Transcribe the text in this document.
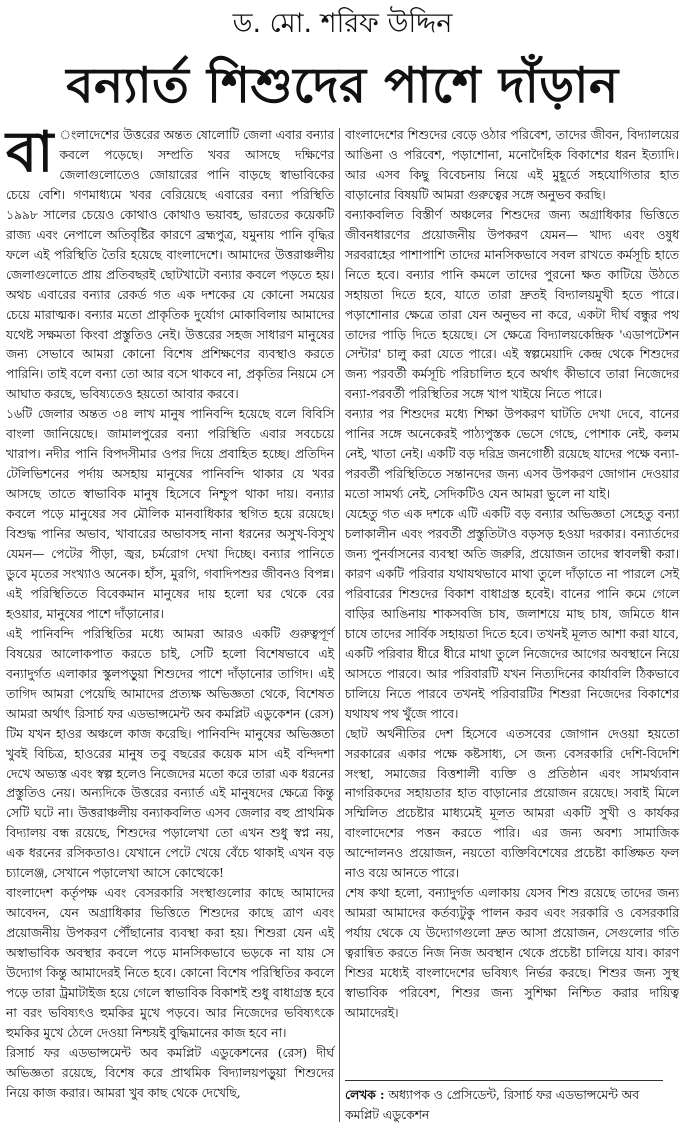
ড. মো. শরিফ উদ্দিন
বন্যার্ত শিশুদের পাশে দাঁড়ান

বা ংলাদেশের উত্তরের অন্তত ষোলোটি জেলা এবার বন্যার কবলে পড়েছে। সম্প্রতি খবর আসছে দক্ষিণের জেলাগুলোতেও জোয়ারের পানি বাড়ছে স্বাভাবিকের চেয়ে বেশি। গণমাধ্যমে খবর বেরিয়েছে এবারের বন্যা পরিস্থিতি ১৯৯৮ সালের চেয়েও কোথাও কোথাও ভয়াবহ, ভারতের কয়েকটি রাজ্য এবং নেপালে অতিবৃষ্টির কারণে ব্রহ্মপুত্র, যমুনায় পানি বৃদ্ধির ফলে এই পরিস্থিতি তৈরি হয়েছে বাংলাদেশে। আমাদের উত্তরাঞ্চলীয় জেলাগুলোতে প্রায় প্রতিবছরই ছোটখাটো বন্যার কবলে পড়তে হয়। অথচ এবারের বন্যার রেকর্ড গত এক দশকের যে কোনো সময়ের চেয়ে মারাত্মক। বন্যার মতো প্রাকৃতিক দুর্যোগ মোকাবিলায় আমাদের যথেষ্ট সক্ষমতা কিংবা প্রস্তুতিও নেই। উত্তরের সহজ সাধারণ মানুষের জন্য সেভাবে আমরা কোনো বিশেষ প্রশিক্ষণের ব্যবস্থাও করতে পারিনি। তাই বলে বন্যা তো আর বসে থাকবে না, প্রকৃতির নিয়মে সে আঘাত করছে, ভবিষ্যতেও হয়তো আবার করবে।

১৬টি জেলার অন্তত ৩৪ লাখ মানুষ পানিবন্দি হয়েছে বলে বিবিসি বাংলা জানিয়েছে। জামালপুরের বন্যা পরিস্থিতি এবার সবচেয়ে খারাপ। নদীর পানি বিপদসীমার ওপর দিয়ে প্রবাহিত হচ্ছে। প্রতিদিন টেলিভিশনের পর্দায় অসহায় মানুষের পানিবন্দি থাকার যে খবর আসছে তাতে স্বাভাবিক মানুষ হিসেবে নিশ্চুপ থাকা দায়। বন্যার কবলে পড়ে মানুষের সব মৌলিক মানবাধিকার স্থগিত হয়ে রয়েছে। বিশুদ্ধ পানির অভাব, খাবারের অভাবসহ নানা ধরনের অসুখ-বিসুখ যেমন— পেটের পীড়া, জ্বর, চর্মরোগ দেখা দিচ্ছে। বন্যার পানিতে ডুবে মৃতের সংখ্যাও অনেক। হাঁস, মুরগি, গবাদিপশুর জীবনও বিপন্ন। এই পরিস্থিতিতে বিবেকমান মানুষের দায় হলো ঘর থেকে বের হওয়ার, মানুষের পাশে দাঁড়ানোর।

এই পানিবন্দি পরিস্থিতির মধ্যে আমরা আরও একটি গুরুত্বপূর্ণ বিষয়ের আলোকপাত করতে চাই, সেটি হলো বিশেষভাবে এই বন্যাদুর্গত এলাকার স্কুলপড়ুয়া শিশুদের পাশে দাঁড়ানোর তাগিদ। এই তাগিদ আমরা পেয়েছি আমাদের প্রত্যক্ষ অভিজ্ঞতা থেকে, বিশেষত আমরা অর্থাৎ রিসার্চ ফর এডভান্সমেন্ট অব কমপ্লিট এডুকেশন (রেস) টিম যখন হাওর অঞ্চলে কাজ করেছি। পানিবন্দি মানুষের অভিজ্ঞতা খুবই বিচিত্র, হাওরের মানুষ তবু বছরের কয়েক মাস এই বন্দিদশা দেখে অভ্যস্ত এবং স্বল্প হলেও নিজেদের মতো করে তারা এক ধরনের প্রস্তুতিও নেয়। অন্যদিকে উত্তরের বন্যার্ত এই মানুষদের ক্ষেত্রে কিন্তু সেটি ঘটে না। উত্তরাঞ্চলীয় বন্যাকবলিত এসব জেলার বহু প্রাথমিক বিদ্যালয় বন্ধ রয়েছে, শিশুদের পড়ালেখা তো এখন শুধু স্বপ্ন নয়, এক ধরনের রসিকতাও। যেখানে পেটে খেয়ে বেঁচে থাকাই এখন বড় চ্যালেঞ্জ, সেখানে পড়ালেখা আসে কোত্থেকে!

বাংলাদেশ কর্তৃপক্ষ এবং বেসরকারি সংস্থাগুলোর কাছে আমাদের আবেদন, যেন অগ্রাধিকার ভিত্তিতে শিশুদের কাছে ত্রাণ এবং প্রয়োজনীয় উপকরণ পৌঁছানোর ব্যবস্থা করা হয়। শিশুরা যেন এই অস্বাভাবিক অবস্থার কবলে পড়ে মানসিকভাবে ভড়কে না যায় সে উদ্যোগ কিন্তু আমাদেরই নিতে হবে। কোনো বিশেষ পরিস্থিতির কবলে পড়ে তারা ট্রমাটাইজ হয়ে গেলে স্বাভাবিক বিকাশই শুধু বাধাগ্রস্ত হবে না বরং ভবিষ্যৎও হুমকির মুখে পড়বে। আর নিজেদের ভবিষ্যৎকে হুমকির মুখে ঠেলে দেওয়া নিশ্চয়ই বুদ্ধিমানের কাজ হবে না।

রিসার্চ ফর এডভান্সমেন্ট অব কমপ্লিট এডুকেশনের (রেস) দীর্ঘ অভিজ্ঞতা রয়েছে, বিশেষ করে প্রাথমিক বিদ্যালয়পড়ুয়া শিশুদের নিয়ে কাজ করার। আমরা খুব কাছ থেকে দেখেছি,

বাংলাদেশের শিশুদের বেড়ে ওঠার পরিবেশ, তাদের জীবন, বিদ্যালয়ের আঙিনা ও পরিবেশ, পড়াশোনা, মনোদৈহিক বিকাশের ধরন ইত্যাদি। আর এসব কিছু বিবেচনায় নিয়ে এই মুহূর্তে সহযোগিতার হাত বাড়ানোর বিষয়টি আমরা গুরুত্বের সঙ্গে অনুভব করছি।

বন্যাকবলিত বিস্তীর্ণ অঞ্চলের শিশুদের জন্য অগ্রাধিকার ভিত্তিতে জীবনধারণের প্রয়োজনীয় উপকরণ যেমন— খাদ্য এবং ওষুধ সরবরাহের পাশাপাশি তাদের মানসিকভাবে সবল রাখতে কর্মসূচি হাতে নিতে হবে। বন্যার পানি কমলে তাদের পুরনো ক্ষত কাটিয়ে উঠতে সহায়তা দিতে হবে, যাতে তারা দ্রুতই বিদ্যালয়মুখী হতে পারে। পড়াশোনার ক্ষেত্রে তারা যেন অনুভব না করে, একটা দীর্ঘ বন্ধুর পথ তাদের পাড়ি দিতে হয়েছে। সে ক্ষেত্রে বিদ্যালয়কেন্দ্রিক 'এডাপটেশন সেন্টার' চালু করা যেতে পারে। এই স্বল্পমেয়াদি কেন্দ্র থেকে শিশুদের জন্য পরবর্তী কর্মসূচি পরিচালিত হবে অর্থাৎ কীভাবে তারা নিজেদের বন্যা-পরবর্তী পরিস্থিতির সঙ্গে খাপ খাইয়ে নিতে পারে।

বন্যার পর শিশুদের মধ্যে শিক্ষা উপকরণ ঘাটতি দেখা দেবে, বানের পানির সঙ্গে অনেকেরই পাঠ্যপুস্তক ভেসে গেছে, পোশাক নেই, কলম নেই, খাতা নেই। একটি বড় দরিদ্র জনগোষ্ঠী রয়েছে যাদের পক্ষে বন্যা-পরবর্তী পরিস্থিতিতে সন্তানদের জন্য এসব উপকরণ জোগান দেওয়ার মতো সামর্থ্য নেই, সেদিকটিও যেন আমরা ভুলে না যাই।

যেহেতু গত এক দশকে এটি একটি বড় বন্যার অভিজ্ঞতা সেহেতু বন্যা চলাকালীন এবং পরবর্তী প্রস্তুতিটাও বড়সড় হওয়া দরকার। বন্যার্তদের জন্য পুনর্বাসনের ব্যবস্থা অতি জরুরি, প্রয়োজন তাদের স্বাবলম্বী করা। কারণ একটি পরিবার যথাযথভাবে মাথা তুলে দাঁড়াতে না পারলে সেই পরিবারের শিশুদের বিকাশ বাধাগ্রস্ত হবেই। বানের পানি কমে গেলে বাড়ির আঙিনায় শাকসবজি চাষ, জলাশয়ে মাছ চাষ, জমিতে ধান চাষে তাদের সার্বিক সহায়তা দিতে হবে। তখনই মূলত আশা করা যাবে, একটি পরিবার ধীরে ধীরে মাথা তুলে নিজেদের আগের অবস্থানে নিয়ে আসতে পারবে। আর পরিবারটি যখন নিত্যদিনের কার্যাবলি ঠিকভাবে চালিয়ে নিতে পারবে তখনই পরিবারটির শিশুরা নিজেদের বিকাশের যথাযথ পথ খুঁজে পাবে।

ছোট অর্থনীতির দেশ হিসেবে এতসবের জোগান দেওয়া হয়তো সরকারের একার পক্ষে কষ্টসাধ্য, সে জন্য বেসরকারি দেশি-বিদেশি সংস্থা, সমাজের বিত্তশালী ব্যক্তি ও প্রতিষ্ঠান এবং সামর্থ্যবান নাগরিকদের সহায়তার হাত বাড়ানোর প্রয়োজন রয়েছে। সবাই মিলে সম্মিলিত প্রচেষ্টার মাধ্যমেই মূলত আমরা একটি সুখী ও কার্যকর বাংলাদেশের পত্তন করতে পারি। এর জন্য অবশ্য সামাজিক আন্দোলনও প্রয়োজন, নয়তো ব্যক্তিবিশেষের প্রচেষ্টা কাঙ্ক্ষিত ফল নাও বয়ে আনতে পারে।

শেষ কথা হলো, বন্যাদুর্গত এলাকায় যেসব শিশু রয়েছে তাদের জন্য আমরা আমাদের কর্তব্যটুকু পালন করব এবং সরকারি ও বেসরকারি পর্যায় থেকে যে উদ্যোগগুলো দ্রুত আসা প্রয়োজন, সেগুলোর গতি ত্বরান্বিত করতে নিজ নিজ অবস্থান থেকে প্রচেষ্টা চালিয়ে যাব। কারণ শিশুর মধ্যেই বাংলাদেশের ভবিষ্যৎ নির্ভর করছে। শিশুর জন্য সুস্থ স্বাভাবিক পরিবেশ, শিশুর জন্য সুশিক্ষা নিশ্চিত করার দায়িত্ব আমাদেরই।

লেখক : অধ্যাপক ও প্রেসিডেন্ট, রিসার্চ ফর এডভান্সমেন্ট অব কমপ্লিট এডুকেশন
